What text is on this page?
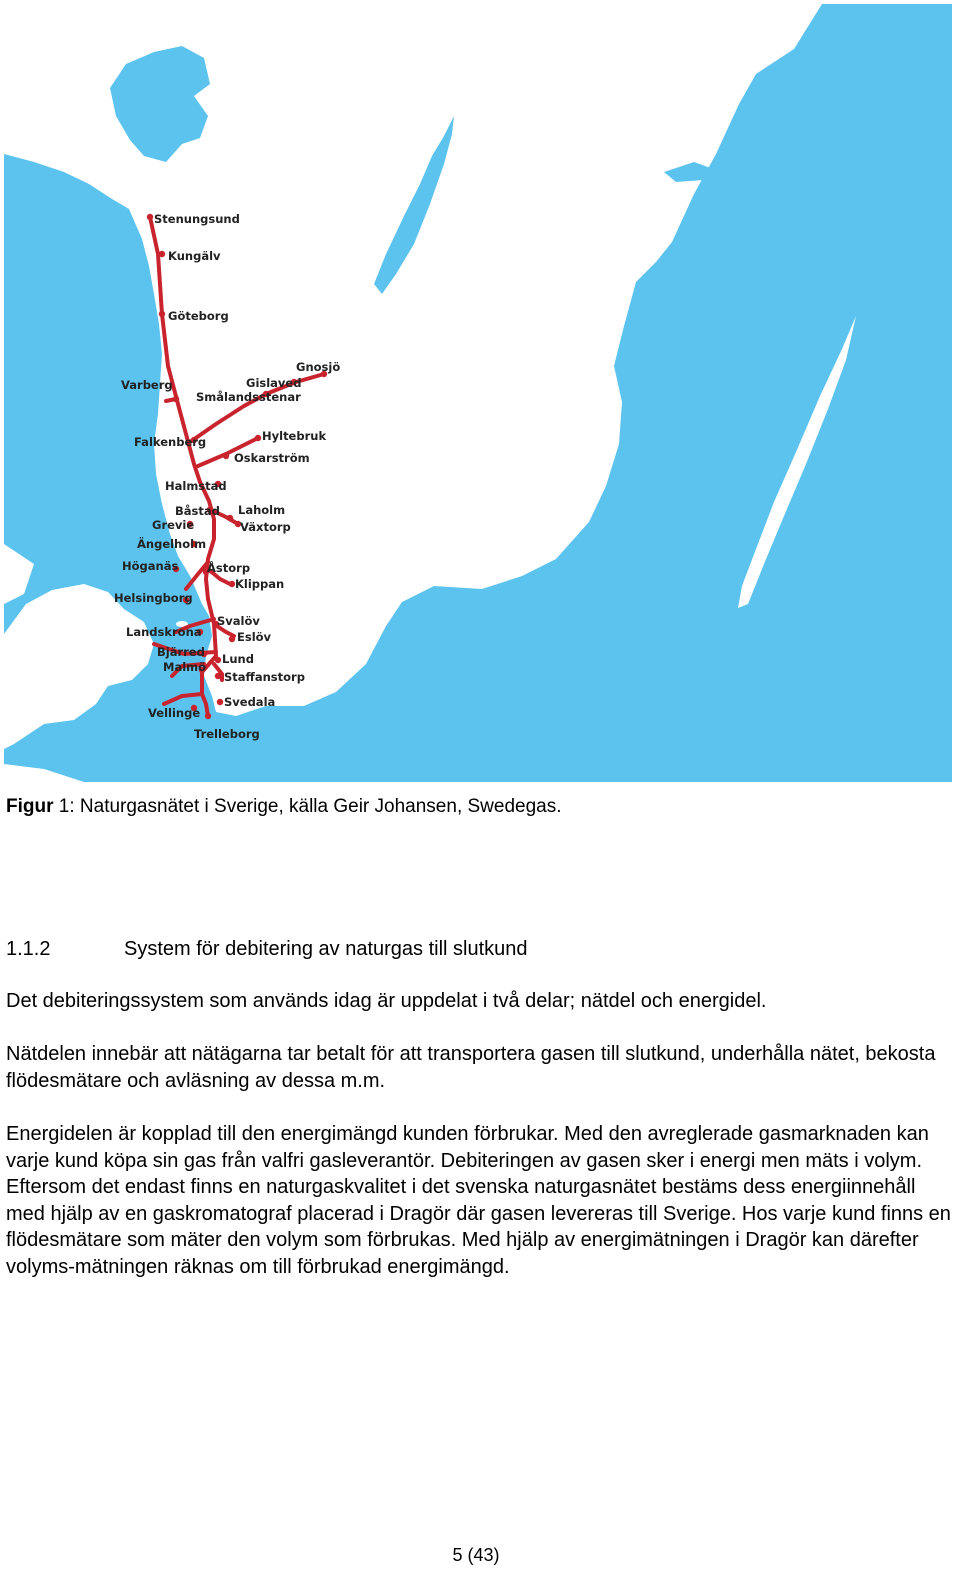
Stenungsund
Kungälv
Göteborg
Varberg
Gnosjö
Gislaved
Smålandsstenar
Falkenberg	Hyltebruk
Oskarström
Halmstad
Båstad Laholm
Grevie	Växtorp
Ängelholm
Höganäs Åstorp
Klippan
Helsingborg
Svalöv
Landskrona	Eslöv
Bjärred Lund
Malmö
Staffanstorp
Svedala
Vellinge
Trelleborg
Figur 1: Naturgasnätet i Sverige, källa Geir Johansen, Swedegas.
1.1.2	System för debitering av naturgas till slutkund
Det debiteringssystem som används idag är uppdelat i två delar; nätdel och energidel.
Nätdelen innebär att nätägarna tar betalt för att transportera gasen till slutkund, underhålla nätet, bekosta flödesmätare och avläsning av dessa m.m.
Energidelen är kopplad till den energimängd kunden förbrukar. Med den avreglerade gasmarknaden kan varje kund köpa sin gas från valfri gasleverantör. Debiteringen av gasen sker i energi men mäts i volym. Eftersom det endast finns en naturgaskvalitet i det svenska naturgasnätet bestäms dess energiinnehåll med hjälp av en gaskromatograf placerad i Dragör där gasen levereras till Sverige. Hos varje kund finns en flödesmätare som mäter den volym som förbrukas. Med hjälp av energimätningen i Dragör kan därefter volyms-mätningen räknas om till förbrukad energimängd.
5 (43)
